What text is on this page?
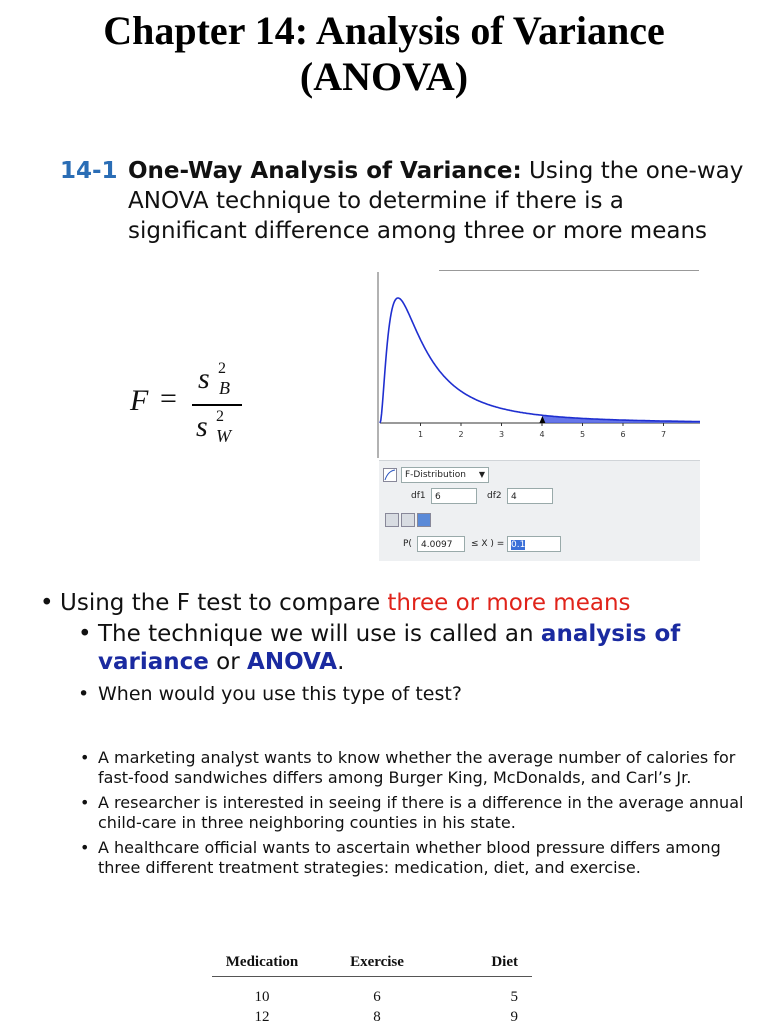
Chapter 14: Analysis of Variance
(ANOVA)
14-1 One-Way Analysis of Variance: Using the one-way
ANOVA technique to determine if there is a
significant difference among three or more means
F =
s 2
B
s 2
W	1	2	3	4	5	6	7
F-Distribution ▼
df1	6	df2	4
P(	4.0097	≤ X ) = 0.1
• Using the F test to compare three or more means
• The technique we will use is called an analysis of
variance or ANOVA.
• When would you use this type of test?
• A marketing analyst wants to know whether the average number of calories for fast-food sandwiches differs among Burger King, McDonalds, and Carl’s Jr.
• A researcher is interested in seeing if there is a difference in the average annual child-care in three neighboring counties in his state.
• A healthcare official wants to ascertain whether blood pressure differs among three different treatment strategies: medication, diet, and exercise.
Medication	Exercise	Diet
10	6	5
12	8	9
